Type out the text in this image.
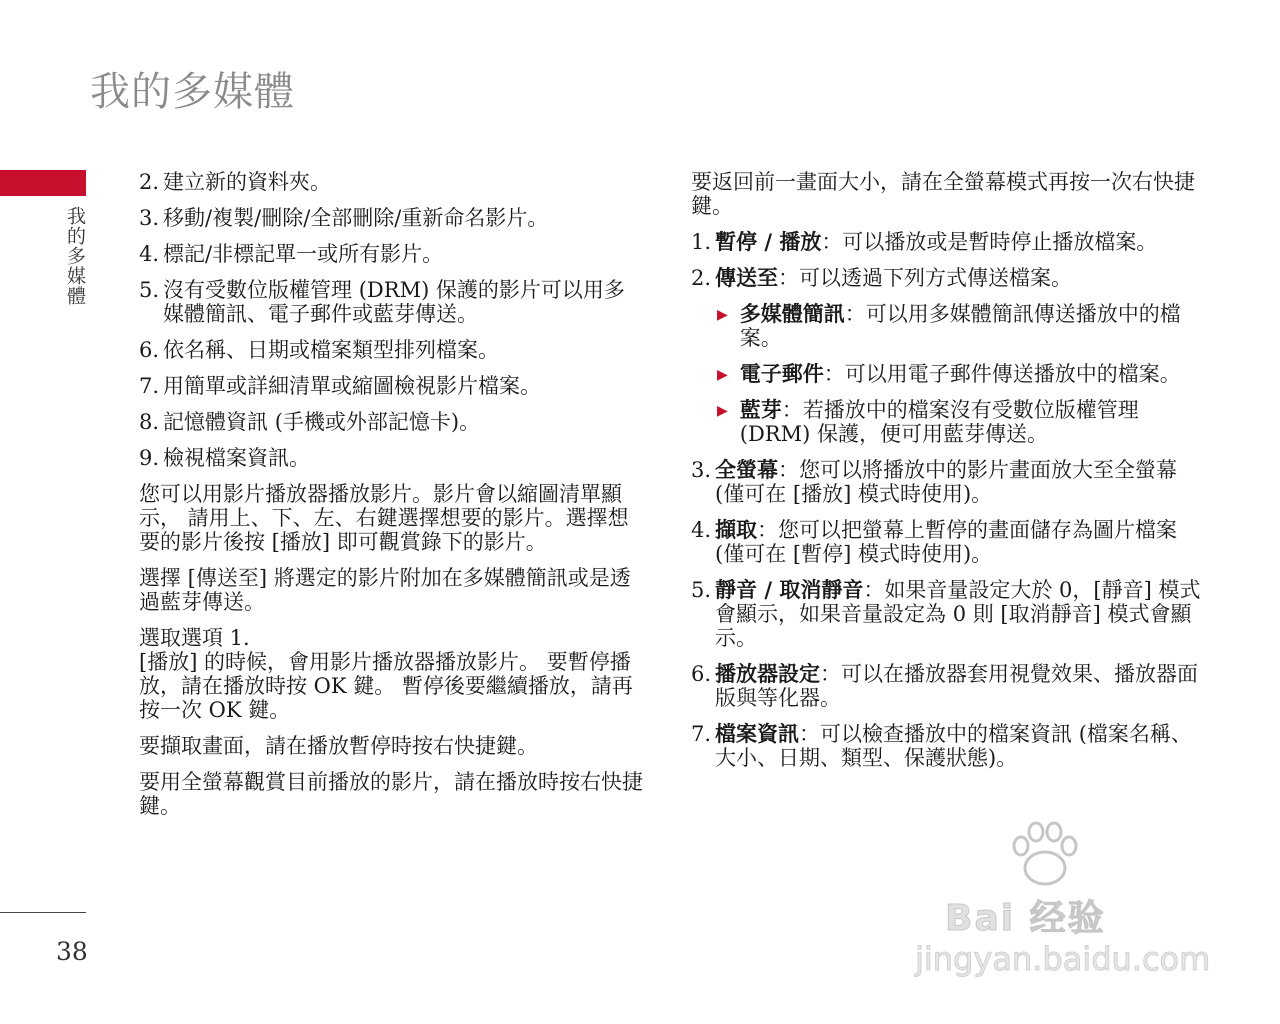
我的多媒體
我的多媒體
38
2. 建立新的資料夾。
3. 移動/複製/刪除/全部刪除/重新命名影片。
4. 標記/非標記單一或所有影片。
5. 沒有受數位版權管理 (DRM) 保護的影片可以用多媒體簡訊、電子郵件或藍芽傳送。
6. 依名稱、日期或檔案類型排列檔案。
7. 用簡單或詳細清單或縮圖檢視影片檔案。
8. 記憶體資訊 (手機或外部記憶卡)。
9. 檢視檔案資訊。
您可以用影片播放器播放影片。影片會以縮圖清單顯示， 請用上、下、左、右鍵選擇想要的影片。選擇想要的影片後按 [播放] 即可觀賞錄下的影片。
選擇 [傳送至] 將選定的影片附加在多媒體簡訊或是透過藍芽傳送。
選取選項 1.
[播放] 的時候，會用影片播放器播放影片。 要暫停播放，請在播放時按 OK 鍵。 暫停後要繼續播放，請再按一次 OK 鍵。
要擷取畫面，請在播放暫停時按右快捷鍵。
要用全螢幕觀賞目前播放的影片，請在播放時按右快捷鍵。
要返回前一畫面大小，請在全螢幕模式再按一次右快捷鍵。
1. 暫停 / 播放：可以播放或是暫時停止播放檔案。
2. 傳送至：可以透過下列方式傳送檔案。
▶ 多媒體簡訊：可以用多媒體簡訊傳送播放中的檔案。
▶ 電子郵件：可以用電子郵件傳送播放中的檔案。
▶ 藍芽：若播放中的檔案沒有受數位版權管理 (DRM) 保護，便可用藍芽傳送。
3. 全螢幕：您可以將播放中的影片畫面放大至全螢幕 (僅可在 [播放] 模式時使用)。
4. 擷取：您可以把螢幕上暫停的畫面儲存為圖片檔案 (僅可在 [暫停] 模式時使用)。
5. 靜音 / 取消靜音：如果音量設定大於 0，[靜音] 模式會顯示，如果音量設定為 0 則 [取消靜音] 模式會顯示。
6. 播放器設定：可以在播放器套用視覺效果、播放器面版與等化器。
7. 檔案資訊：可以檢查播放中的檔案資訊 (檔案名稱、大小、日期、類型、保護狀態)。
Bai 经验
jingyan.baidu.com
